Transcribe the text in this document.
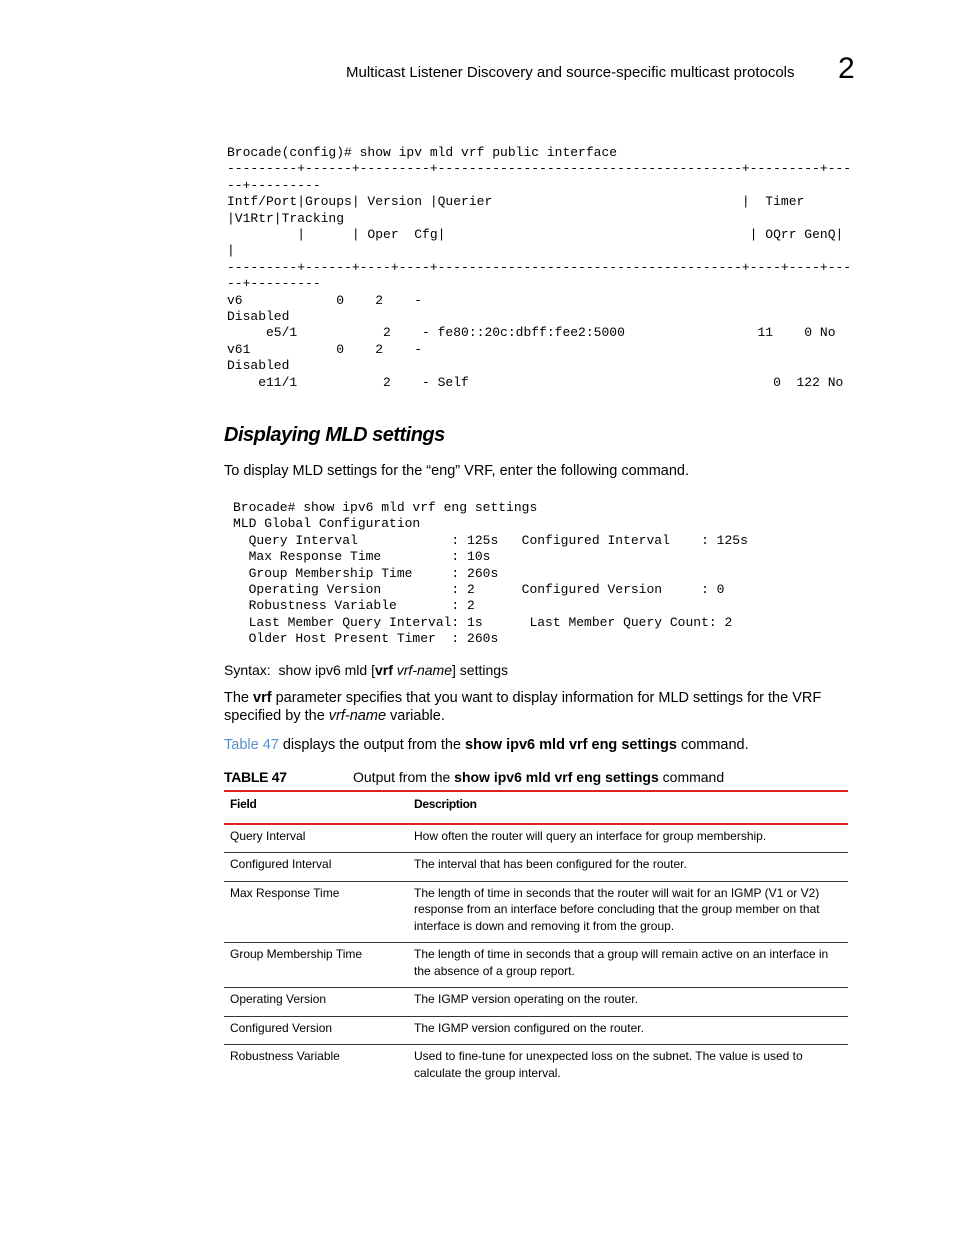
Multicast Listener Discovery and source-specific multicast protocols 2
Brocade(config)# show ipv mld vrf public interface
---------+------+---------+---------------------------------------+---------+---
--+---------
Intf/Port|Groups| Version |Querier                                |  Timer
|V1Rtr|Tracking
|      | Oper  Cfg|                                       | OQrr GenQ|
|
---------+------+----+----+---------------------------------------+----+----+---
--+---------
v6            0    2    -
Disabled
e5/1           2    - fe80::20c:dbff:fee2:5000                 11    0 No
v61           0    2    -
Disabled
e11/1           2    - Self                                       0  122 No
Displaying MLD settings

To display MLD settings for the “eng” VRF, enter the following command.

Brocade# show ipv6 mld vrf eng settings
MLD Global Configuration
Query Interval            : 125s   Configured Interval    : 125s
Max Response Time         : 10s
Group Membership Time     : 260s
Operating Version         : 2      Configured Version     : 0
Robustness Variable       : 2
Last Member Query Interval: 1s      Last Member Query Count: 2
Older Host Present Timer  : 260s

Syntax: show ipv6 mld [vrf vrf-name] settings

The vrf parameter specifies that you want to display information for MLD settings for the VRF specified by the vrf-name variable.

Table 47 displays the output from the show ipv6 mld vrf eng settings command.

TABLE 47	Output from the show ipv6 mld vrf eng settings command
Field	Description
Query Interval	How often the router will query an interface for group membership.
Configured Interval	The interval that has been configured for the router.
Max Response Time	The length of time in seconds that the router will wait for an IGMP (V1 or V2) response from an interface before concluding that the group member on that interface is down and removing it from the group.
Group Membership Time	The length of time in seconds that a group will remain active on an interface in the absence of a group report.
Operating Version	The IGMP version operating on the router.
Configured Version	The IGMP version configured on the router.
Robustness Variable	Used to fine-tune for unexpected loss on the subnet. The value is used to calculate the group interval.
